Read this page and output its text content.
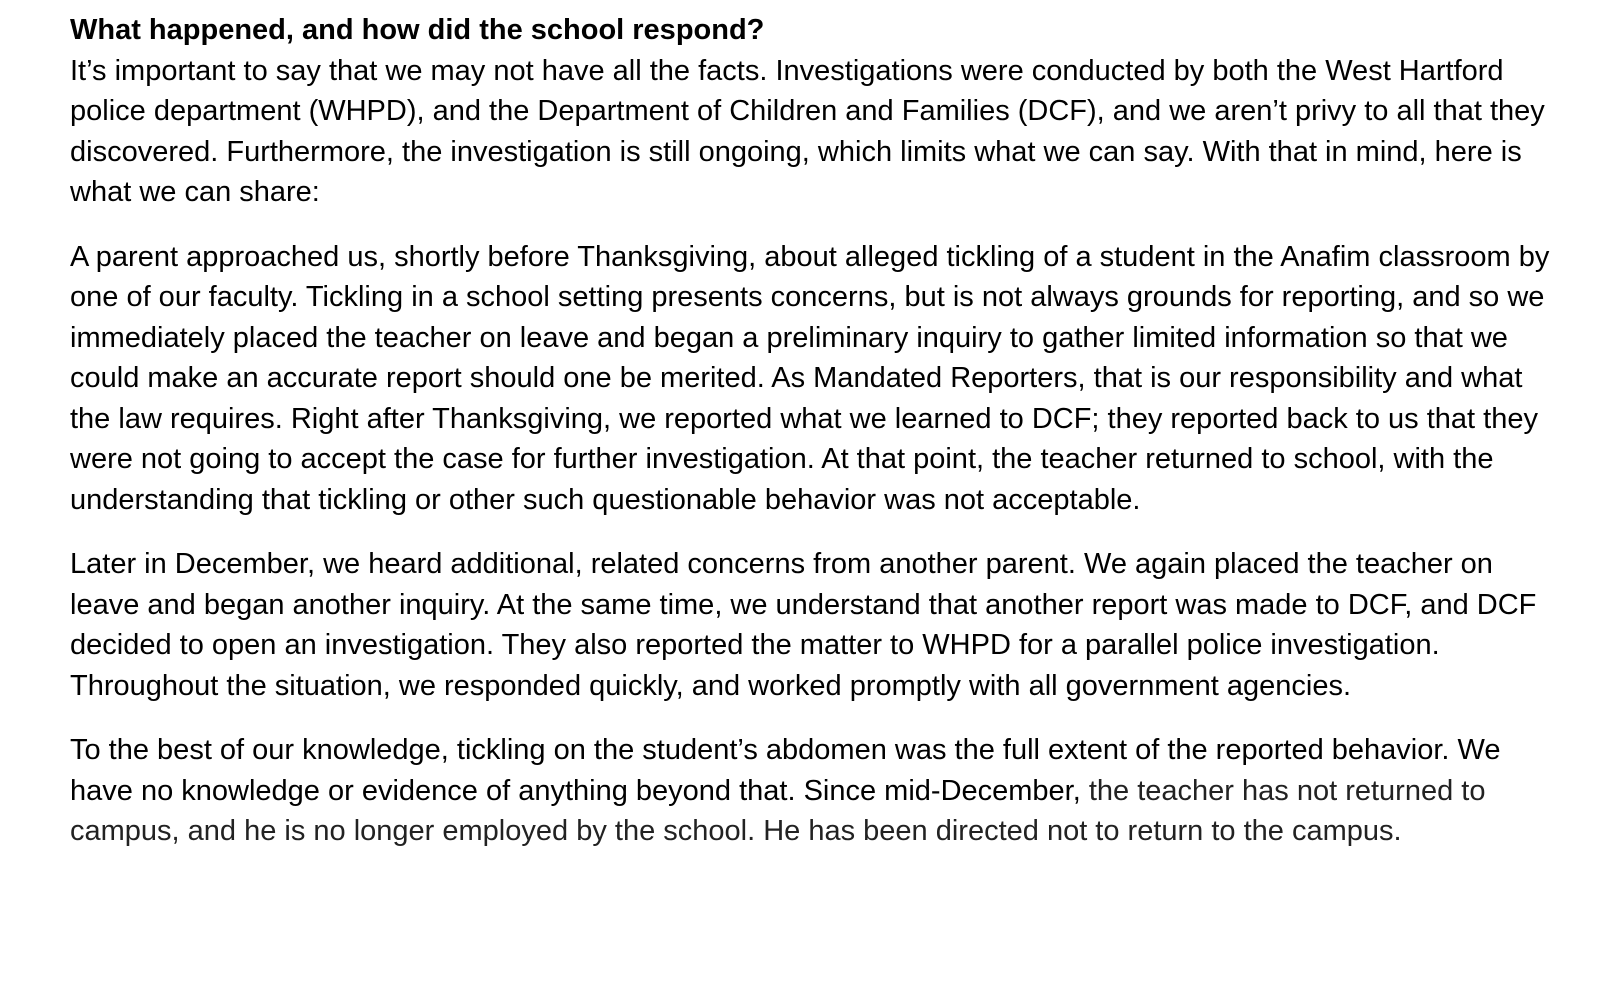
What happened, and how did the school respond?

It’s important to say that we may not have all the facts. Investigations were conducted by both the West Hartford police department (WHPD), and the Department of Children and Families (DCF), and we aren’t privy to all that they discovered. Furthermore, the investigation is still ongoing, which limits what we can say. With that in mind, here is what we can share:

A parent approached us, shortly before Thanksgiving, about alleged tickling of a student in the Anafim classroom by one of our faculty. Tickling in a school setting presents concerns, but is not always grounds for reporting, and so we immediately placed the teacher on leave and began a preliminary inquiry to gather limited information so that we could make an accurate report should one be merited. As Mandated Reporters, that is our responsibility and what the law requires. Right after Thanksgiving, we reported what we learned to DCF; they reported back to us that they were not going to accept the case for further investigation. At that point, the teacher returned to school, with the understanding that tickling or other such questionable behavior was not acceptable.

Later in December, we heard additional, related concerns from another parent. We again placed the teacher on leave and began another inquiry. At the same time, we understand that another report was made to DCF, and DCF decided to open an investigation. They also reported the matter to WHPD for a parallel police investigation. Throughout the situation, we responded quickly, and worked promptly with all government agencies.

To the best of our knowledge, tickling on the student’s abdomen was the full extent of the reported behavior. We have no knowledge or evidence of anything beyond that. Since mid-December, the teacher has not returned to campus, and he is no longer employed by the school. He has been directed not to return to the campus.
